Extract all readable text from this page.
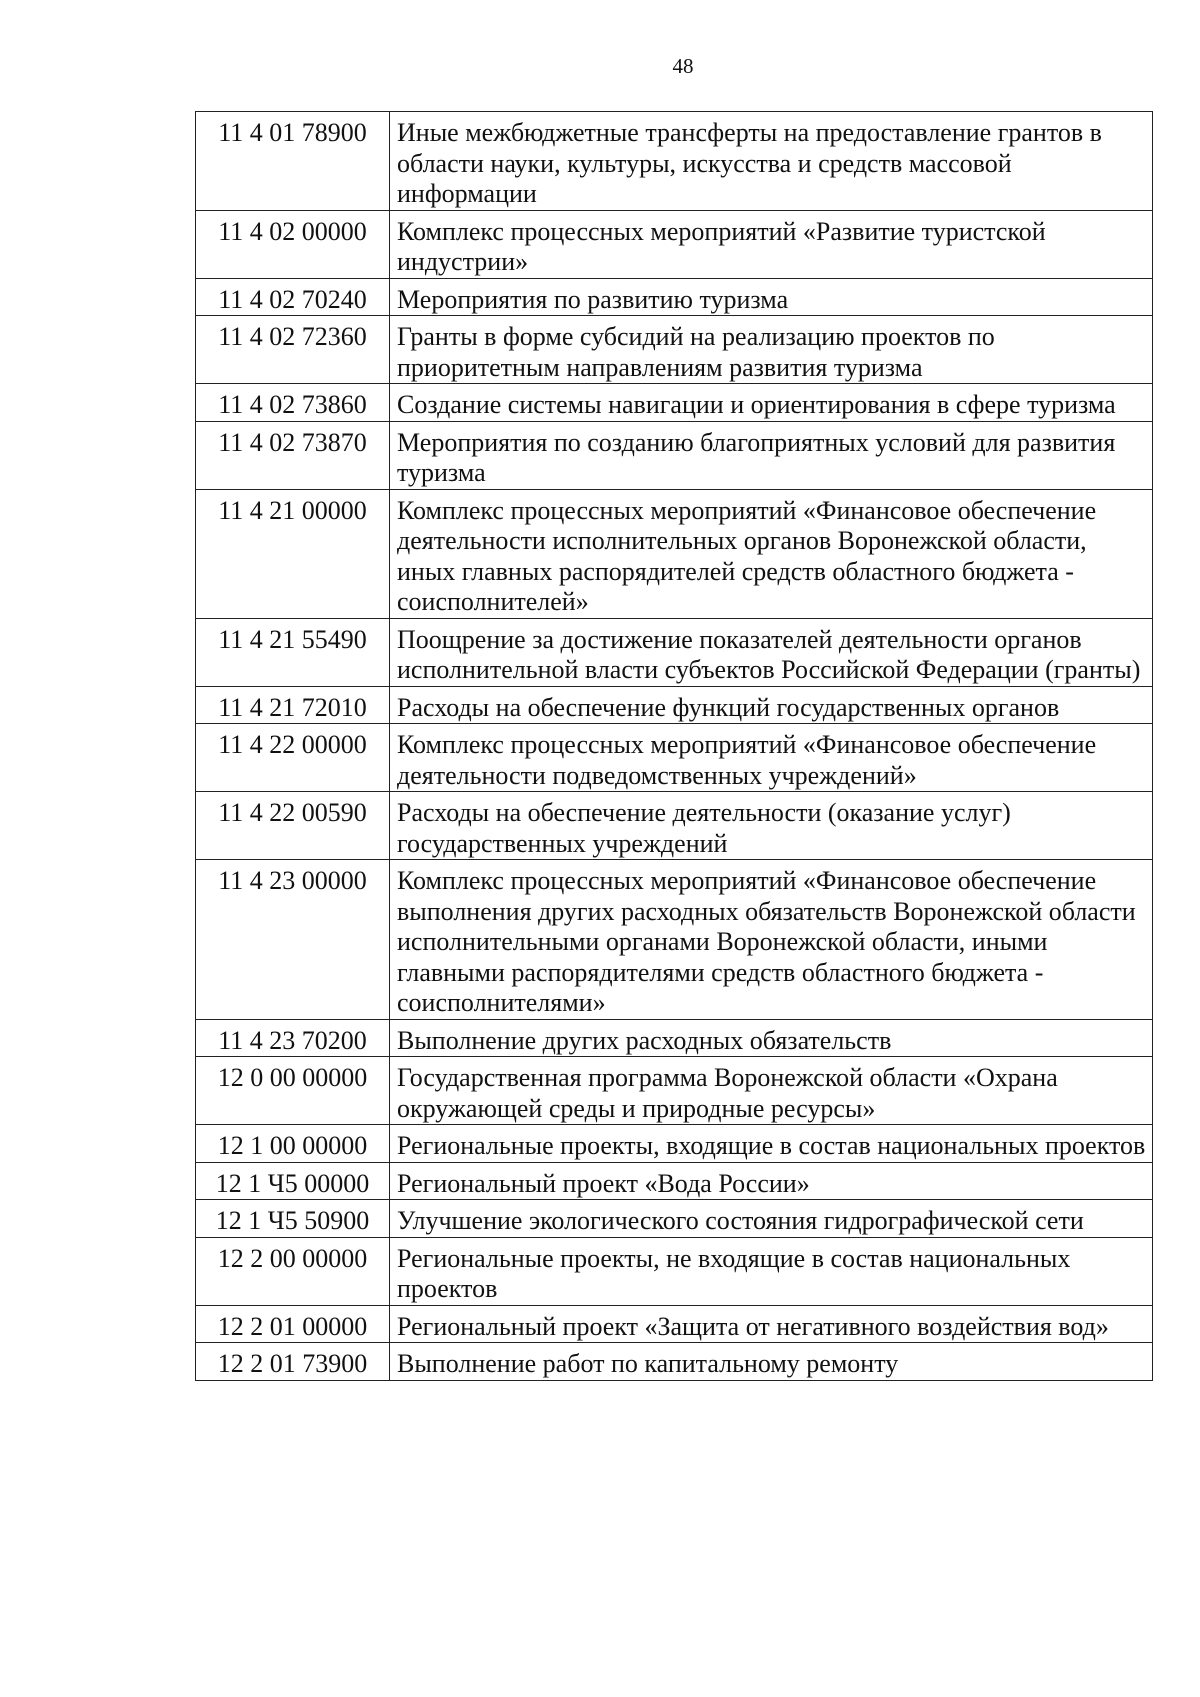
48
11 4 01 78900	Иные межбюджетные трансферты на предоставление грантов в области науки, культуры, искусства и средств массовой информации
11 4 02 00000	Комплекс процессных мероприятий «Развитие туристской индустрии»
11 4 02 70240	Мероприятия по развитию туризма
11 4 02 72360	Гранты в форме субсидий на реализацию проектов по приоритетным направлениям развития туризма
11 4 02 73860	Создание системы навигации и ориентирования в сфере туризма
11 4 02 73870	Мероприятия по созданию благоприятных условий для развития туризма
11 4 21 00000	Комплекс процессных мероприятий «Финансовое обеспечение деятельности исполнительных органов Воронежской области, иных главных распорядителей средств областного бюджета - соисполнителей»
11 4 21 55490	Поощрение за достижение показателей деятельности органов исполнительной власти субъектов Российской Федерации (гранты)
11 4 21 72010	Расходы на обеспечение функций государственных органов
11 4 22 00000	Комплекс процессных мероприятий «Финансовое обеспечение деятельности подведомственных учреждений»
11 4 22 00590	Расходы на обеспечение деятельности (оказание услуг) государственных учреждений
11 4 23 00000	Комплекс процессных мероприятий «Финансовое обеспечение выполнения других расходных обязательств Воронежской области исполнительными органами Воронежской области, иными главными распорядителями средств областного бюджета - соисполнителями»
11 4 23 70200	Выполнение других расходных обязательств
12 0 00 00000	Государственная программа Воронежской области «Охрана окружающей среды и природные ресурсы»
12 1 00 00000	Региональные проекты, входящие в состав национальных проектов
12 1 Ч5 00000	Региональный проект «Вода России»
12 1 Ч5 50900	Улучшение экологического состояния гидрографической сети
12 2 00 00000	Региональные проекты, не входящие в состав национальных проектов
12 2 01 00000	Региональный проект «Защита от негативного воздействия вод»
12 2 01 73900	Выполнение работ по капитальному ремонту
